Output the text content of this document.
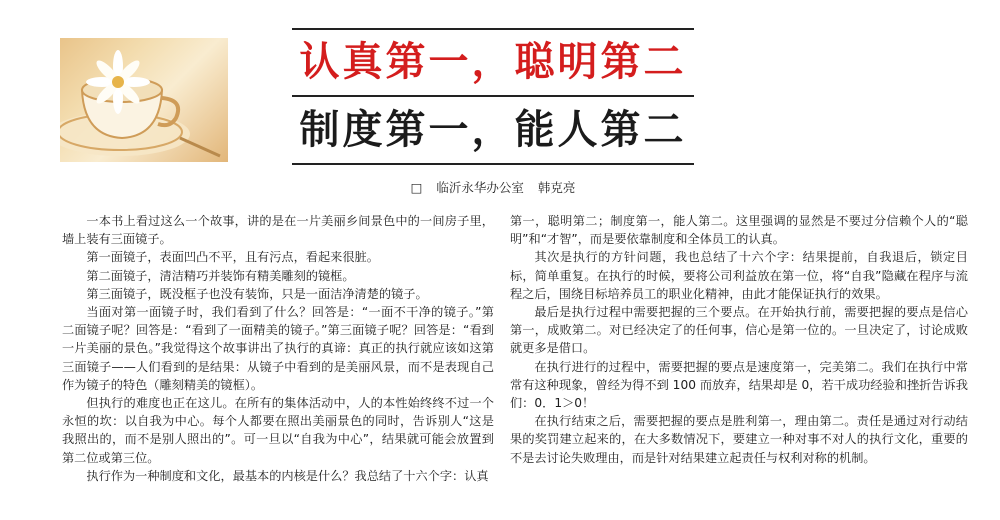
认真第一，聪明第二
制度第一，能人第二
□ 临沂永华办公室 韩克亮

一本书上看过这么一个故事，讲的是在一片美丽乡间景色中的一间房子里，墙上装有三面镜子。

第一面镜子，表面凹凸不平，且有污点，看起来很脏。

第二面镜子，清洁精巧并装饰有精美雕刻的镜框。

第三面镜子，既没框子也没有装饰，只是一面洁净清楚的镜子。

当面对第一面镜子时，我们看到了什么？回答是：“一面不干净的镜子。”第二面镜子呢？回答是：“看到了一面精美的镜子。”第三面镜子呢？回答是：“看到一片美丽的景色。”我觉得这个故事讲出了执行的真谛：真正的执行就应该如这第三面镜子——人们看到的是结果：从镜子中看到的是美丽风景，而不是表现自己作为镜子的特色（雕刻精美的镜框）。

但执行的难度也正在这儿。在所有的集体活动中，人的本性始终终不过一个永恒的坎：以自我为中心。每个人都要在照出美丽景色的同时，告诉别人“这是我照出的，而不是别人照出的”。可一旦以“自我为中心”，结果就可能会放置到第二位或第三位。

执行作为一种制度和文化，最基本的内核是什么？我总结了十六个字：认真

第一，聪明第二；制度第一，能人第二。这里强调的显然是不要过分信赖个人的“聪明”和“才智”，而是要依靠制度和全体员工的认真。

其次是执行的方针问题，我也总结了十六个字：结果提前，自我退后，锁定目标，简单重复。在执行的时候，要将公司利益放在第一位，将“自我”隐藏在程序与流程之后，围绕目标培养员工的职业化精神，由此才能保证执行的效果。

最后是执行过程中需要把握的三个要点。在开始执行前，需要把握的要点是信心第一，成败第二。对已经决定了的任何事，信心是第一位的。一旦决定了，讨论成败就更多是借口。

在执行进行的过程中，需要把握的要点是速度第一，完美第二。我们在执行中常常有这种现象，曾经为得不到 100 而放弃，结果却是 0，若干成功经验和挫折告诉我们：0．1＞0！

在执行结束之后，需要把握的要点是胜利第一，理由第二。责任是通过对行动结果的奖罚建立起来的，在大多数情况下，要建立一种对事不对人的执行文化，重要的不是去讨论失败理由，而是针对结果建立起责任与权利对称的机制。
